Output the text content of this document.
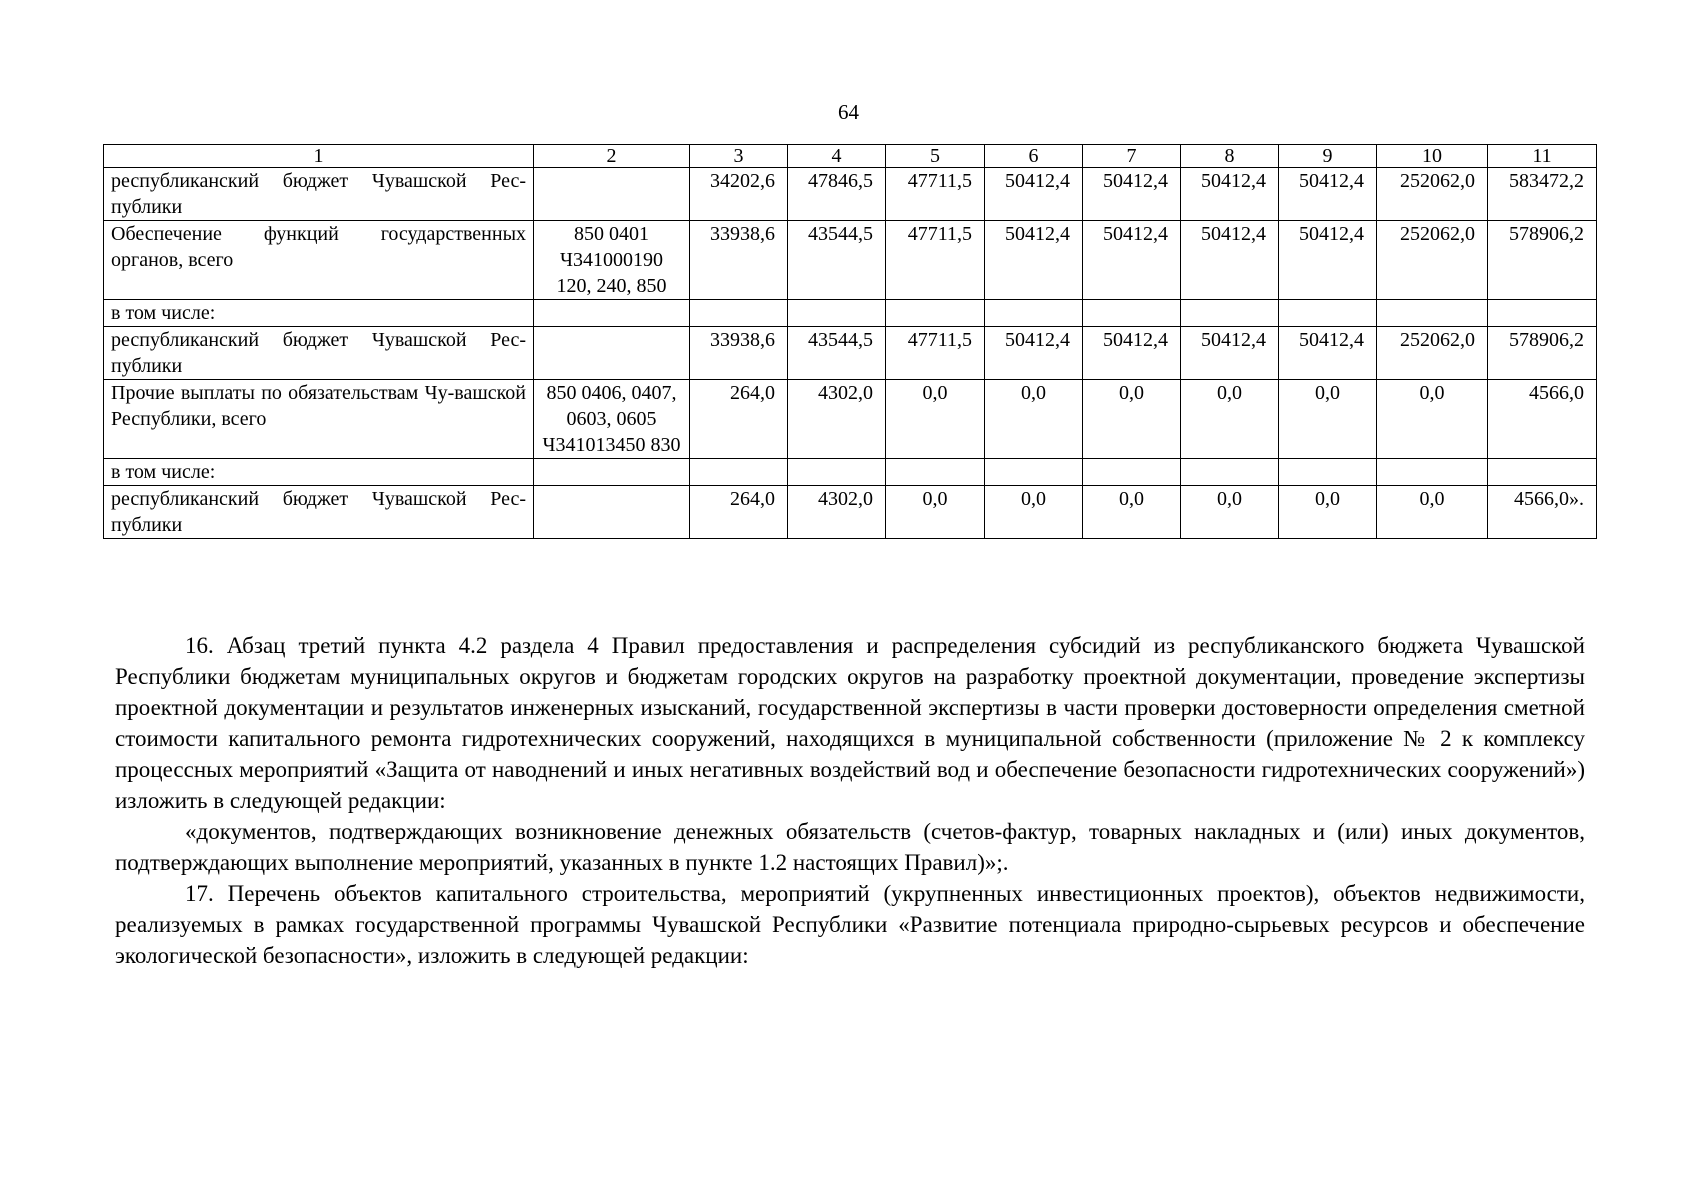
64
1	2	3	4	5	6	7	8	9	10	11
республиканский бюджет Чувашской Рес-публики		34202,6	47846,5	47711,5	50412,4	50412,4	50412,4	50412,4	252062,0	583472,2
Обеспечение функций государственных органов, всего	850 0401 Ч341000190 120, 240, 850	33938,6	43544,5	47711,5	50412,4	50412,4	50412,4	50412,4	252062,0	578906,2
в том числе:										
республиканский бюджет Чувашской Рес-публики		33938,6	43544,5	47711,5	50412,4	50412,4	50412,4	50412,4	252062,0	578906,2
Прочие выплаты по обязательствам Чу-вашской Республики, всего	850 0406, 0407, 0603, 0605 Ч341013450 830	264,0	4302,0	0,0	0,0	0,0	0,0	0,0	0,0	4566,0
в том числе:										
республиканский бюджет Чувашской Рес-публики		264,0	4302,0	0,0	0,0	0,0	0,0	0,0	0,0	4566,0».

16. Абзац третий пункта 4.2 раздела 4 Правил предоставления и распределения субсидий из республиканского бюджета Чувашской Республики бюджетам муниципальных округов и бюджетам городских округов на разработку проектной документации, проведение экспертизы проектной документации и результатов инженерных изысканий, государственной экспертизы в части проверки достоверности определения сметной стоимости капитального ремонта гидротехнических сооружений, находящихся в муниципальной собственности (приложение № 2 к комплексу процессных мероприятий «Защита от наводнений и иных негативных воздействий вод и обеспечение безопасности гидротехнических сооружений») изложить в следующей редакции:

«документов, подтверждающих возникновение денежных обязательств (счетов-фактур, товарных накладных и (или) иных документов, подтверждающих выполнение мероприятий, указанных в пункте 1.2 настоящих Правил)»;.

17. Перечень объектов капитального строительства, мероприятий (укрупненных инвестиционных проектов), объектов недвижимости, реализуемых в рамках государственной программы Чувашской Республики «Развитие потенциала природно-сырьевых ресурсов и обеспечение экологической безопасности», изложить в следующей редакции:
